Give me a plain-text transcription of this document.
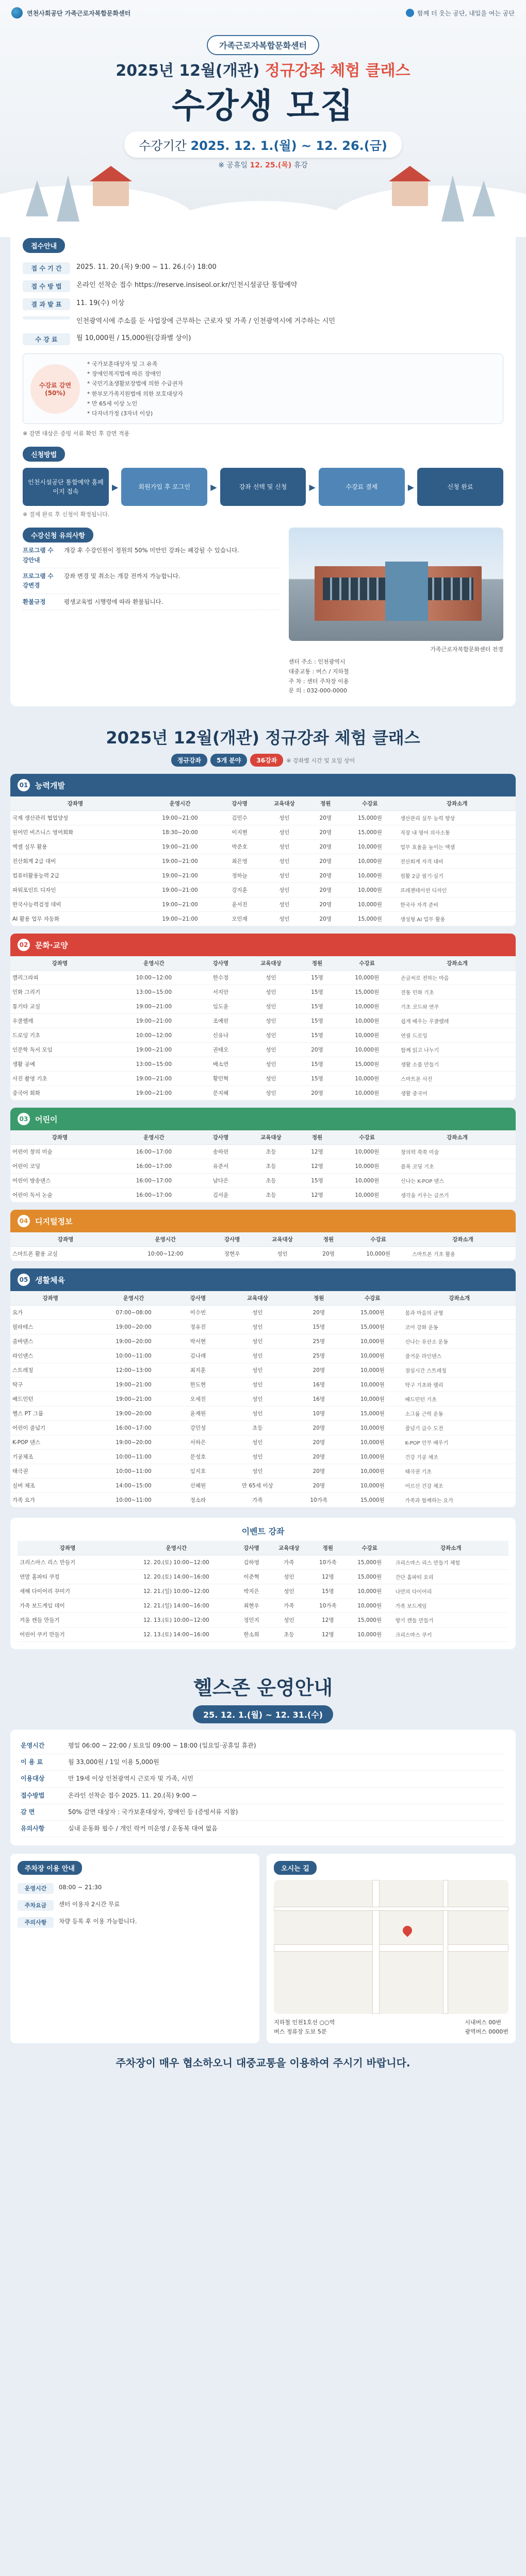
연천사회공단 가족근로자복합문화센터	함께 더 웃는 공단, 내일을 여는 공단
가족근로자복합문화센터
2025년 12월(개관) 정규강좌 체험 클래스
수강생 모집
수강기간 2025. 12. 1.(월) ~ 12. 26.(금)
※ 공휴일 12. 25.(목) 휴강
접수안내
접 수 기 간	2025. 11. 20.(목) 9:00 ~ 11. 26.(수) 18:00
접 수 방 법	온라인 선착순 접수 https://reserve.insiseol.or.kr/인천시설공단 통합예약
결 과 발 표	11. 19(수) 이상
인천광역시에 주소를 둔 사업장에 근무하는 근로자 및 가족 / 인천광역시에 거주하는 시민
수 강 료	월 10,000원 / 15,000원(강좌별 상이)
수강료 감면
(50%)
* 국가보훈대상자 및 그 유족
* 장애인복지법에 따른 장애인
* 국민기초생활보장법에 의한 수급권자
* 한부모가족지원법에 의한 보호대상자
* 만 65세 이상 노인
* 다자녀가정 (3자녀 이상)
※ 감면 대상은 증빙 서류 확인 후 감면 적용
신청방법
인천시설공단 통합예약 홈페이지 접속	▶	회원가입 후 로그인	▶	강좌 선택 및 신청	▶	수강료 결제	▶	신청 완료
※ 결제 완료 후 신청이 확정됩니다.
수강신청 유의사항
프로그램 수강안내
개강 후 수강인원이 정원의 50% 미만인 강좌는 폐강될 수 있습니다.
프로그램 수강변경
강좌 변경 및 취소는 개강 전까지 가능합니다.
환불규정	평생교육법 시행령에 따라 환불됩니다.
가족근로자복합문화센터 전경
센터 주소 : 인천광역시
대중교통 : 버스 / 지하철
주 차 : 센터 주차장 이용
문 의 : 032-000-0000
2025년 12월(개관) 정규강좌 체험 클래스
정규강좌	5개 분야	36강좌	※ 강좌별 시간 및 요일 상이
01 능력개발
강좌명	운영시간	강사명	교육대상	정원	수강료	강좌소개
국제 생산관리 협업양성	19:00~21:00	김민수	성인	20명	15,000원	생산관리 실무 능력 향상
원어민 비즈니스 영어회화	18:30~20:00	이지현	성인	20명	15,000원	직장 내 영어 의사소통
엑셀 실무 활용	19:00~21:00	박준호	성인	20명	10,000원	업무 효율을 높이는 엑셀
전산회계 2급 대비	19:00~21:00	최은영	성인	20명	10,000원	전산회계 자격 대비
컴퓨터활용능력 2급	19:00~21:00	정하늘	성인	20명	10,000원	컴활 2급 필기·실기
파워포인트 디자인	19:00~21:00	강지훈	성인	20명	10,000원	프레젠테이션 디자인
한국사능력검정 대비	19:00~21:00	윤서진	성인	20명	10,000원	한국사 자격 준비
AI 활용 업무 자동화	19:00~21:00	오민재	성인	20명	15,000원	생성형 AI 업무 활용
02 문화·교양
강좌명	운영시간	강사명	교육대상	정원	수강료	강좌소개
캘리그라피	10:00~12:00	한수정	성인	15명	10,000원	손글씨로 전하는 마음
민화 그리기	13:00~15:00	서지안	성인	15명	15,000원	전통 민화 기초
통기타 교실	19:00~21:00	임도윤	성인	15명	10,000원	기초 코드와 연주
우쿨렐레	19:00~21:00	조예린	성인	15명	10,000원	쉽게 배우는 우쿨렐레
드로잉 기초	10:00~12:00	신유나	성인	15명	10,000원	연필 드로잉
인문학 독서 모임	19:00~21:00	권태오	성인	20명	10,000원	함께 읽고 나누기
생활 공예	13:00~15:00	배소연	성인	15명	15,000원	생활 소품 만들기
사진 촬영 기초	19:00~21:00	황민혁	성인	15명	10,000원	스마트폰 사진
중국어 회화	19:00~21:00	문지혜	성인	20명	10,000원	생활 중국어
03 어린이
강좌명	운영시간	강사명	교육대상	정원	수강료	강좌소개
어린이 창의 미술	16:00~17:00	송하린	초등	12명	10,000원	창의력 쑥쑥 미술
어린이 코딩	16:00~17:00	유준서	초등	12명	10,000원	블록 코딩 기초
어린이 방송댄스	16:00~17:00	남다은	초등	15명	10,000원	신나는 K-POP 댄스
어린이 독서 논술	16:00~17:00	김서윤	초등	12명	10,000원	생각을 키우는 글쓰기
04 디지털정보
강좌명	운영시간	강사명	교육대상	정원	수강료	강좌소개
스마트폰 활용 교실	10:00~12:00	장현우	성인	20명	10,000원	스마트폰 기초 활용
05 생활체육
강좌명	운영시간	강사명	교육대상	정원	수강료	강좌소개
요가	07:00~08:00	이수빈	성인	20명	15,000원	몸과 마음의 균형
필라테스	19:00~20:00	정유진	성인	15명	15,000원	코어 강화 운동
줌바댄스	19:00~20:00	박서현	성인	25명	10,000원	신나는 유산소 운동
라인댄스	10:00~11:00	김나래	성인	25명	10,000원	즐거운 라인댄스
스트레칭	12:00~13:00	최지훈	성인	20명	10,000원	점심시간 스트레칭
탁구	19:00~21:00	한도현	성인	16명	10,000원	탁구 기초와 랠리
배드민턴	19:00~21:00	오세진	성인	16명	10,000원	배드민턴 기초
헬스 PT 그룹	19:00~20:00	윤재원	성인	10명	15,000원	소그룹 근력 운동
어린이 줄넘기	16:00~17:00	강민성	초등	20명	10,000원	줄넘기 급수 도전
K-POP 댄스	19:00~20:00	서하은	성인	20명	10,000원	K-POP 안무 배우기
기공체조	10:00~11:00	문성호	성인	20명	10,000원	건강 기공 체조
태극권	10:00~11:00	임지호	성인	20명	10,000원	태극권 기초
실버 체조	14:00~15:00	신혜원	만 65세 이상	20명	10,000원	어르신 건강 체조
가족 요가	10:00~11:00	정소라	가족	10가족	15,000원	가족과 함께하는 요가
이벤트 강좌
강좌명	운영시간	강사명	교육대상	정원	수강료	강좌소개
크리스마스 리스 만들기	12. 20.(토) 10:00~12:00	김하영	가족	10가족	15,000원	크리스마스 리스 만들기 체험
연말 홈파티 쿠킹	12. 20.(토) 14:00~16:00	이준혁	성인	12명	15,000원	간단 홈파티 요리
새해 다이어리 꾸미기	12. 21.(일) 10:00~12:00	박지은	성인	15명	10,000원	나만의 다이어리
가족 보드게임 데이	12. 21.(일) 14:00~16:00	최현우	가족	10가족	10,000원	가족 보드게임
겨울 캔들 만들기	12. 13.(토) 10:00~12:00	정민지	성인	12명	15,000원	향기 캔들 만들기
어린이 쿠키 만들기	12. 13.(토) 14:00~16:00	한소희	초등	12명	10,000원	크리스마스 쿠키
헬스존 운영안내
25. 12. 1.(월) ~ 12. 31.(수)
운영시간	평일 06:00 ~ 22:00 / 토요일 09:00 ~ 18:00 (일요일·공휴일 휴관)
이 용 료	월 33,000원 / 1일 이용 5,000원
이용대상	만 19세 이상 인천광역시 근로자 및 가족, 시민
접수방법	온라인 선착순 접수 2025. 11. 20.(목) 9:00 ~
감 면	50% 감면 대상자 : 국가보훈대상자, 장애인 등 (증빙서류 지참)
유의사항	실내 운동화 필수 / 개인 락커 미운영 / 운동복 대여 없음
주차장 이용 안내
운영시간	08:00 ~ 21:30
주차요금	센터 이용자 2시간 무료
주의사항	차량 등록 후 이용 가능합니다.
오시는 길
지하철 인천1호선 ○○역
버스 정류장 도보 5분
시내버스 00번
광역버스 0000번
주차장이 매우 협소하오니 대중교통을 이용하여 주시기 바랍니다.
